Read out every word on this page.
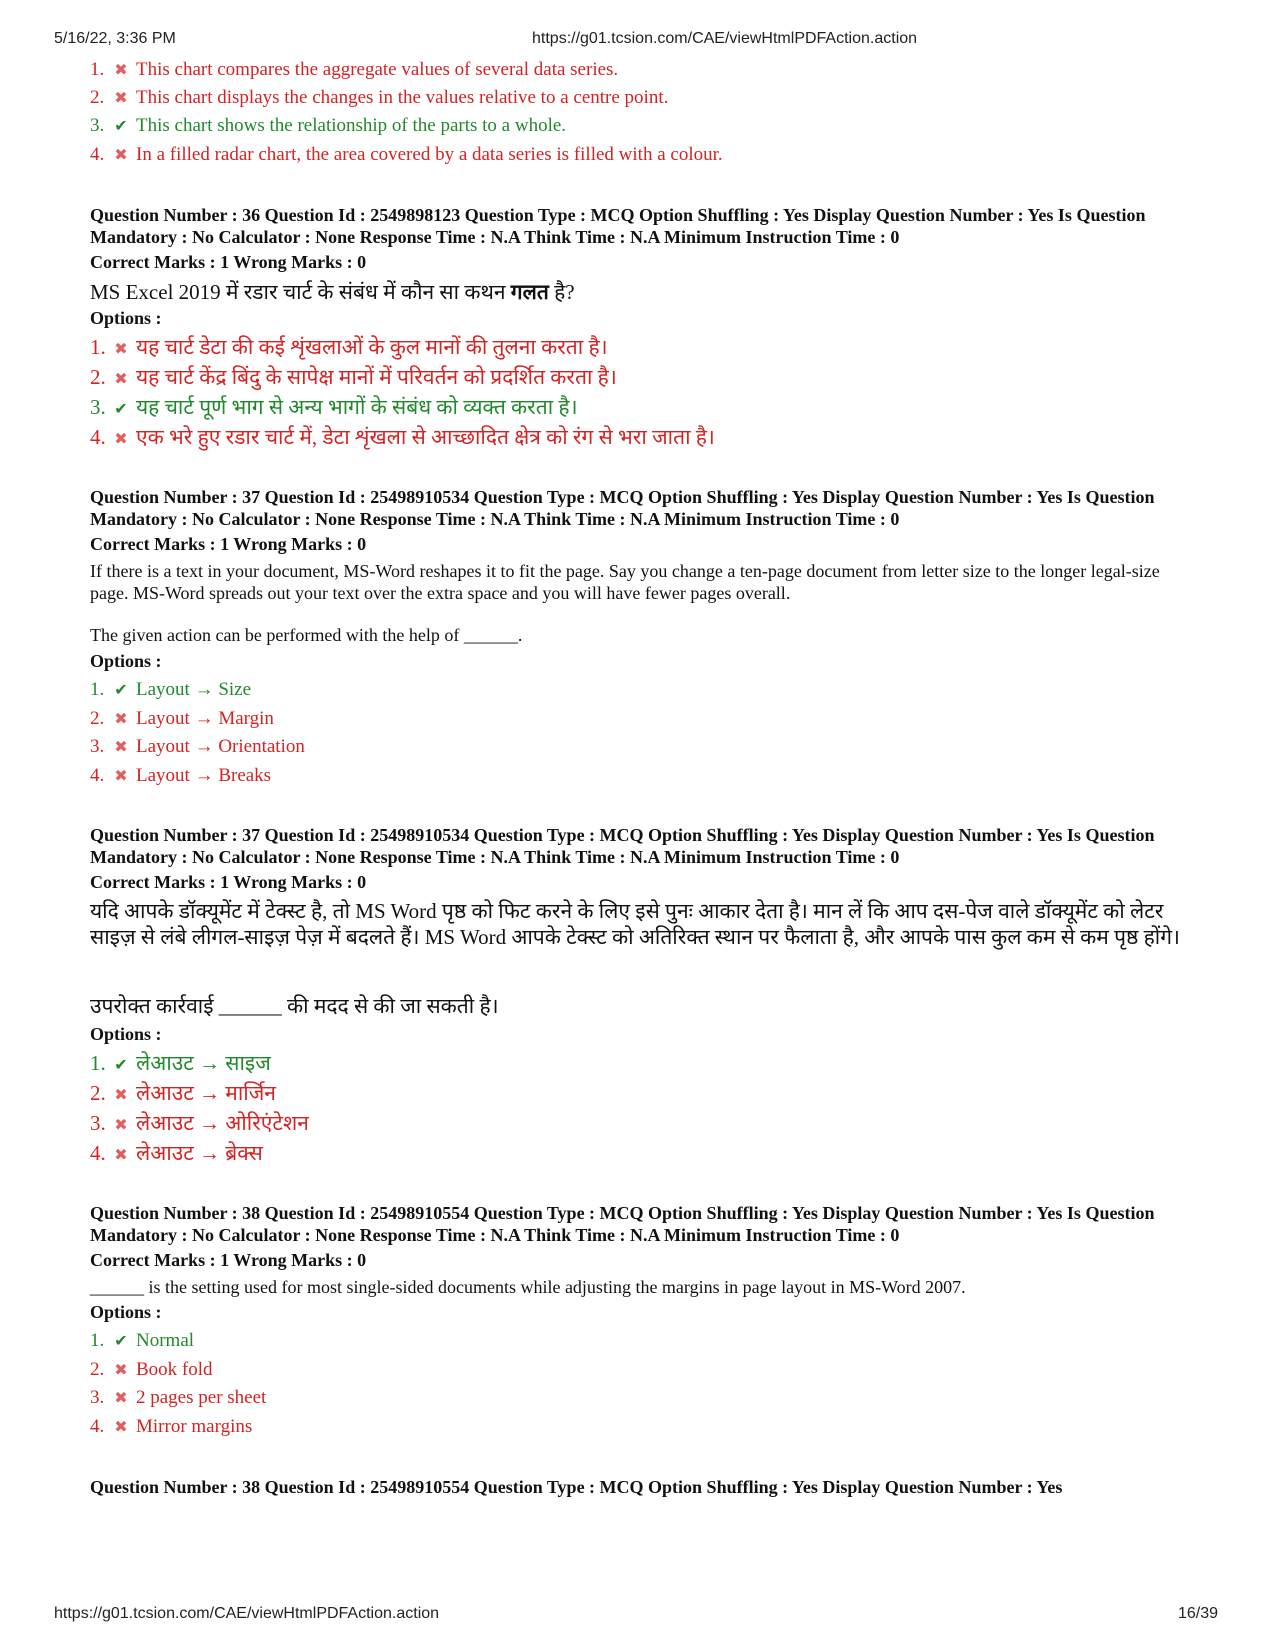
5/16/22, 3:36 PM	https://g01.tcsion.com/CAE/viewHtmlPDFAction.action
https://g01.tcsion.com/CAE/viewHtmlPDFAction.action	16/39
1. ✖ This chart compares the aggregate values of several data series.
2. ✖ This chart displays the changes in the values relative to a centre point.
3. ✔ This chart shows the relationship of the parts to a whole.
4. ✖ In a filled radar chart, the area covered by a data series is filled with a colour.
Question Number : 36 Question Id : 2549898123 Question Type : MCQ Option Shuffling : Yes Display Question Number : Yes Is Question Mandatory : No Calculator : None Response Time : N.A Think Time : N.A Minimum Instruction Time : 0
Correct Marks : 1 Wrong Marks : 0
MS Excel 2019 में रडार चार्ट के संबंध में कौन सा कथन गलत है?
Options :
1. ✖ यह चार्ट डेटा की कई शृंखलाओं के कुल मानों की तुलना करता है।
2. ✖ यह चार्ट केंद्र बिंदु के सापेक्ष मानों में परिवर्तन को प्रदर्शित करता है।
3. ✔ यह चार्ट पूर्ण भाग से अन्य भागों के संबंध को व्यक्त करता है।
4. ✖ एक भरे हुए रडार चार्ट में, डेटा शृंखला से आच्छादित क्षेत्र को रंग से भरा जाता है।
Question Number : 37 Question Id : 25498910534 Question Type : MCQ Option Shuffling : Yes Display Question Number : Yes Is Question Mandatory : No Calculator : None Response Time : N.A Think Time : N.A Minimum Instruction Time : 0
Correct Marks : 1 Wrong Marks : 0
If there is a text in your document, MS-Word reshapes it to fit the page. Say you change a ten-page document from letter size to the longer legal-size page. MS-Word spreads out your text over the extra space and you will have fewer pages overall.
The given action can be performed with the help of ______.
Options :
1. ✔ Layout → Size
2. ✖ Layout → Margin
3. ✖ Layout → Orientation
4. ✖ Layout → Breaks
Question Number : 37 Question Id : 25498910534 Question Type : MCQ Option Shuffling : Yes Display Question Number : Yes Is Question Mandatory : No Calculator : None Response Time : N.A Think Time : N.A Minimum Instruction Time : 0
Correct Marks : 1 Wrong Marks : 0
यदि आपके डॉक्यूमेंट में टेक्स्ट है, तो MS Word पृष्ठ को फिट करने के लिए इसे पुनः आकार देता है। मान लें कि आप दस-पेज वाले डॉक्यूमेंट को लेटर साइज़ से लंबे लीगल-साइज़ पेज़ में बदलते हैं। MS Word आपके टेक्स्ट को अतिरिक्त स्थान पर फैलाता है, और आपके पास कुल कम से कम पृष्ठ होंगे।
उपरोक्त कार्रवाई ______ की मदद से की जा सकती है।
Options :
1. ✔ लेआउट → साइज
2. ✖ लेआउट → मार्जिन
3. ✖ लेआउट → ओरिएंटेशन
4. ✖ लेआउट → ब्रेक्स
Question Number : 38 Question Id : 25498910554 Question Type : MCQ Option Shuffling : Yes Display Question Number : Yes Is Question Mandatory : No Calculator : None Response Time : N.A Think Time : N.A Minimum Instruction Time : 0
Correct Marks : 1 Wrong Marks : 0
______ is the setting used for most single-sided documents while adjusting the margins in page layout in MS-Word 2007.
Options :
1. ✔ Normal
2. ✖ Book fold
3. ✖ 2 pages per sheet
4. ✖ Mirror margins
Question Number : 38 Question Id : 25498910554 Question Type : MCQ Option Shuffling : Yes Display Question Number : Yes
